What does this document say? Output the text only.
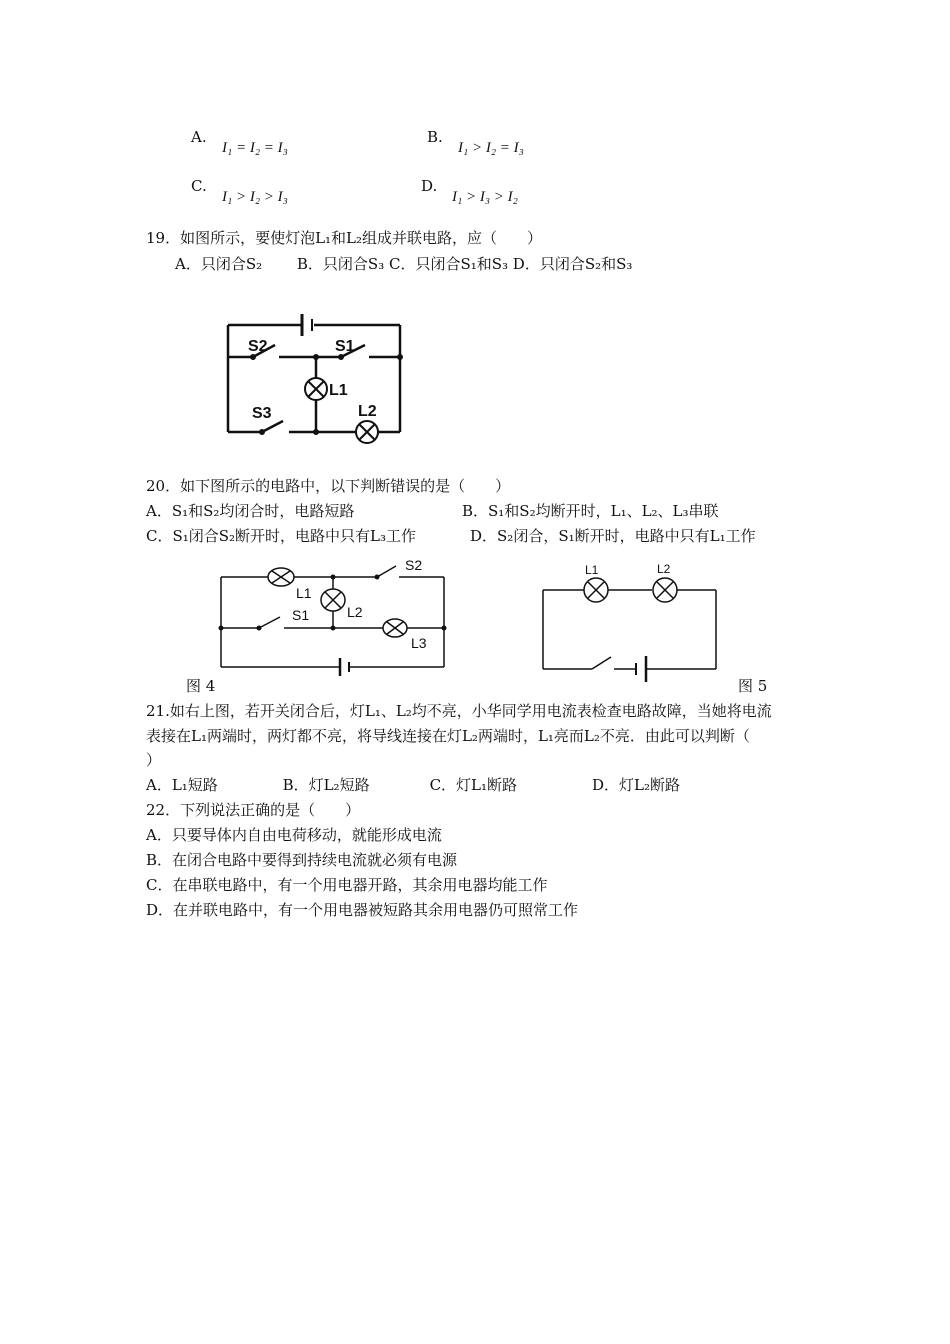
A.
I₁ = I₂ = I₃
B.
I₁ > I₂ = I₃
C.
I₁ > I₂ > I₃
D.
I₁ > I₃ > I₂
19．如图所示，要使灯泡L₁和L₂组成并联电路，应（　　）
A．只闭合S₂　　 B．只闭合S₃ C．只闭合S₁和S₃ D．只闭合S₂和S₃
S2	S1
L1
S3	L2
S2
L1
S1	L2
L3
L1	L2
20．如下图所示的电路中，以下判断错误的是（　　）
A．S₁和S₂均闭合时，电路短路	B．S₁和S₂均断开时，L₁、L₂、L₃串联
C．S₁闭合S₂断开时，电路中只有L₃工作	D．S₂闭合，S₁断开时，电路中只有L₁工作
图 4	图 5
21.如右上图，若开关闭合后，灯L₁、L₂均不亮，小华同学用电流表检查电路故障，当她将电流
表接在L₁两端时，两灯都不亮，将导线连接在灯L₂两端时，L₁亮而L₂不亮．由此可以判断（
）
A．L₁短路　　　　 B．灯L₂短路　　　　C．灯L₁断路　　　　　D．灯L₂断路
22．下列说法正确的是（　　）
A．只要导体内自由电荷移动，就能形成电流
B．在闭合电路中要得到持续电流就必须有电源
C．在串联电路中，有一个用电器开路，其余用电器均能工作
D．在并联电路中，有一个用电器被短路其余用电器仍可照常工作
